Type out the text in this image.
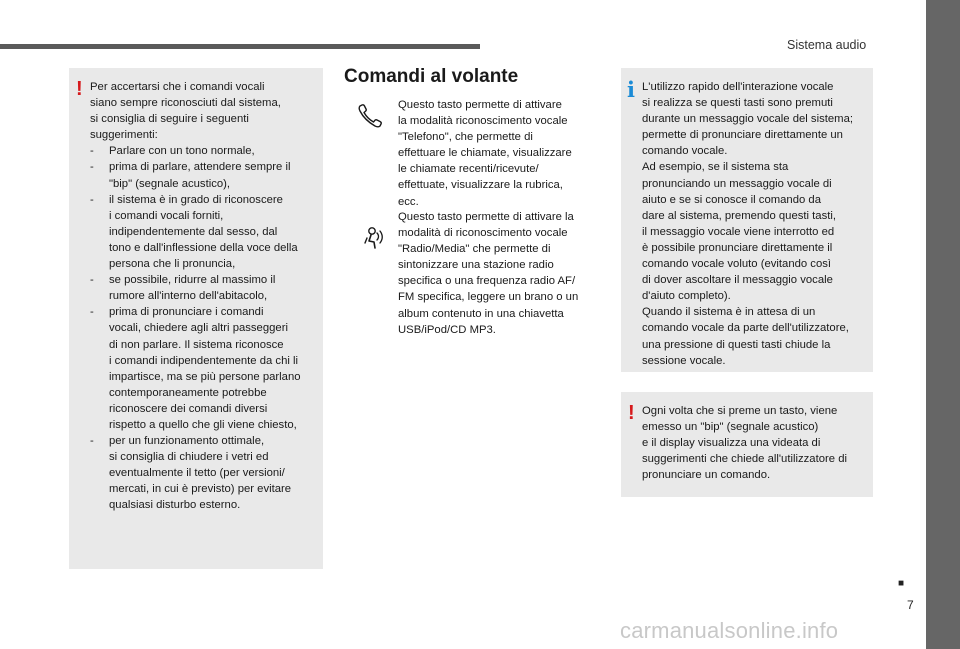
Sistema audio
! Per accertarsi che i comandi vocali
siano sempre riconosciuti dal sistema,
si consiglia di seguire i seguenti
suggerimenti:
- Parlare con un tono normale,
- prima di parlare, attendere sempre il
"bip" (segnale acustico),
- il sistema è in grado di riconoscere
i comandi vocali forniti,
indipendentemente dal sesso, dal
tono e dall'inflessione della voce della
persona che li pronuncia,
- se possibile, ridurre al massimo il
rumore all'interno dell'abitacolo,
- prima di pronunciare i comandi
vocali, chiedere agli altri passeggeri
di non parlare. Il sistema riconosce
i comandi indipendentemente da chi li
impartisce, ma se più persone parlano
contemporaneamente potrebbe
riconoscere dei comandi diversi
rispetto a quello che gli viene chiesto,
- per un funzionamento ottimale,
si consiglia di chiudere i vetri ed
eventualmente il tetto (per versioni/
mercati, in cui è previsto) per evitare
qualsiasi disturbo esterno.
Comandi al volante
Questo tasto permette di attivare
la modalità riconoscimento vocale
"Telefono", che permette di
effettuare le chiamate, visualizzare
le chiamate recenti/ricevute/
effettuate, visualizzare la rubrica,
ecc.
Questo tasto permette di attivare la
modalità di riconoscimento vocale
"Radio/Media" che permette di
sintonizzare una stazione radio
specifica o una frequenza radio AF/
FM specifica, leggere un brano o un
album contenuto in una chiavetta
USB/iPod/CD MP3.
i L'utilizzo rapido dell'interazione vocale
si realizza se questi tasti sono premuti
durante un messaggio vocale del sistema;
permette di pronunciare direttamente un
comando vocale.
Ad esempio, se il sistema sta
pronunciando un messaggio vocale di
aiuto e se si conosce il comando da
dare al sistema, premendo questi tasti,
il messaggio vocale viene interrotto ed
è possibile pronunciare direttamente il
comando vocale voluto (evitando così
di dover ascoltare il messaggio vocale
d'aiuto completo).
Quando il sistema è in attesa di un
comando vocale da parte dell'utilizzatore,
una pressione di questi tasti chiude la
sessione vocale.
! Ogni volta che si preme un tasto, viene
emesso un "bip" (segnale acustico)
e il display visualizza una videata di
suggerimenti che chiede all'utilizzatore di
pronunciare un comando.
■
7
carmanualsonline.info
